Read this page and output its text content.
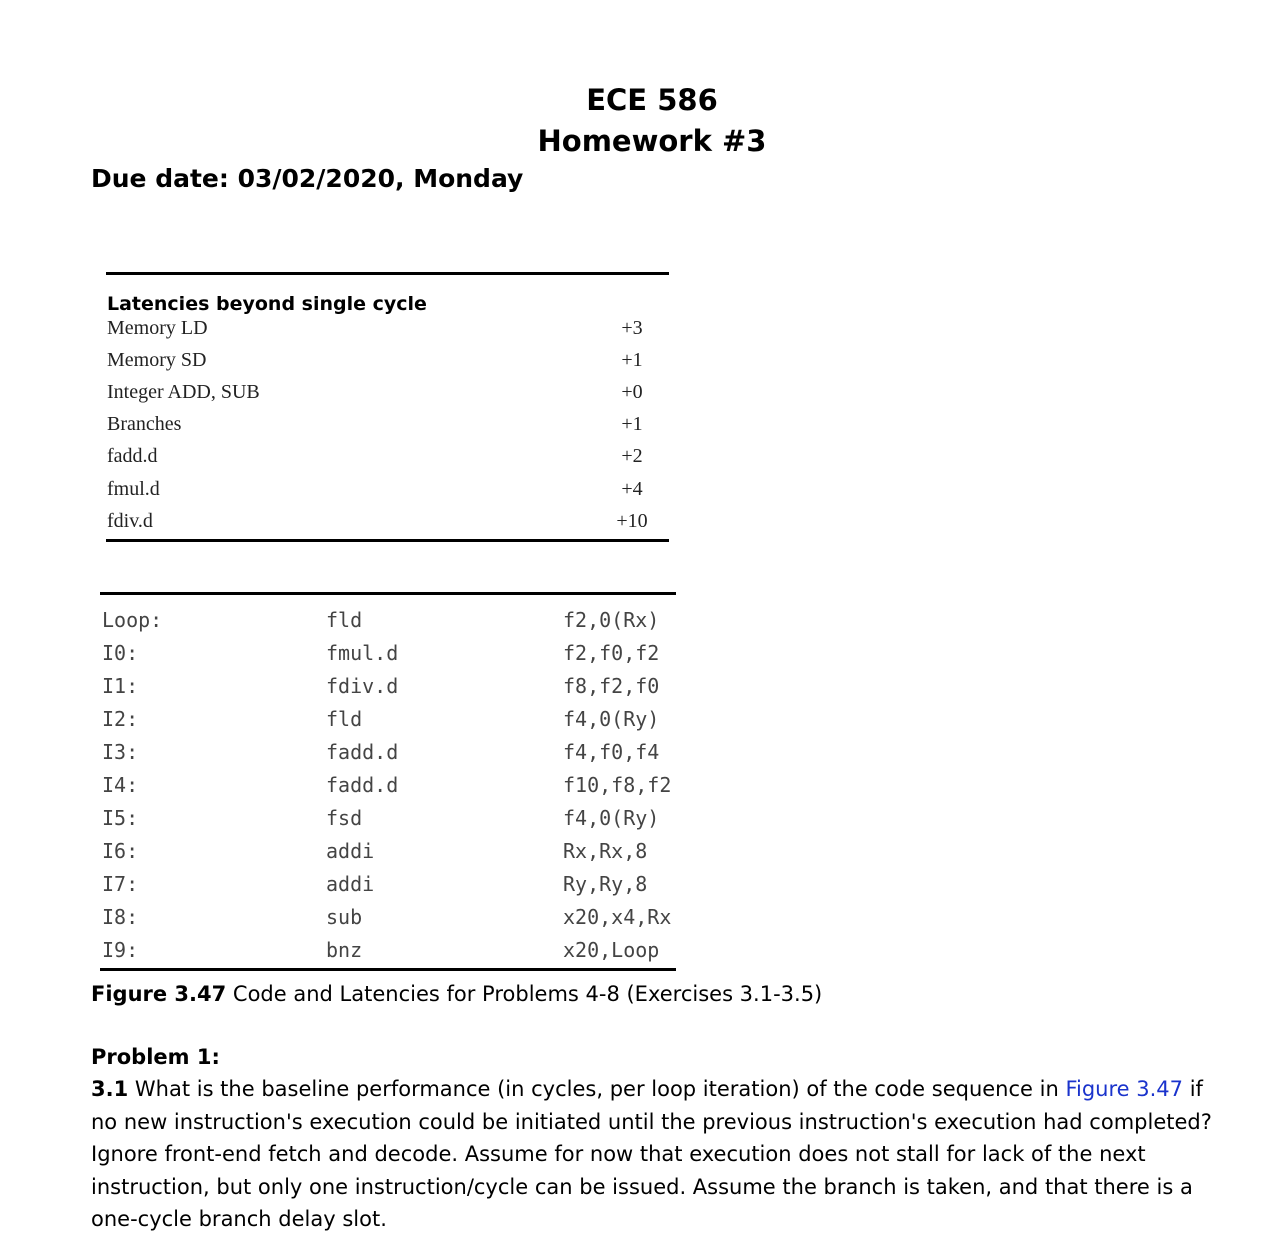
ECE 586
Homework #3
Due date: 03/02/2020, Monday
Latencies beyond single cycle
Memory LD	+3
Memory SD	+1
Integer ADD, SUB	+0
Branches	+1
fadd.d	+2
fmul.d	+4
fdiv.d	+10
Loop:	fld	f2,0(Rx)
I0:	fmul.d	f2,f0,f2
I1:	fdiv.d	f8,f2,f0
I2:	fld	f4,0(Ry)
I3:	fadd.d	f4,f0,f4
I4:	fadd.d	f10,f8,f2
I5:	fsd	f4,0(Ry)
I6:	addi	Rx,Rx,8
I7:	addi	Ry,Ry,8
I8:	sub	x20,x4,Rx
I9:	bnz	x20,Loop
Figure 3.47 Code and Latencies for Problems 4-8 (Exercises 3.1-3.5)
Problem 1:
3.1 What is the baseline performance (in cycles, per loop iteration) of the code sequence in Figure 3.47 if no new instruction's execution could be initiated until the previous instruction's execution had completed? Ignore front-end fetch and decode. Assume for now that execution does not stall for lack of the next instruction, but only one instruction/cycle can be issued. Assume the branch is taken, and that there is a one-cycle branch delay slot.
